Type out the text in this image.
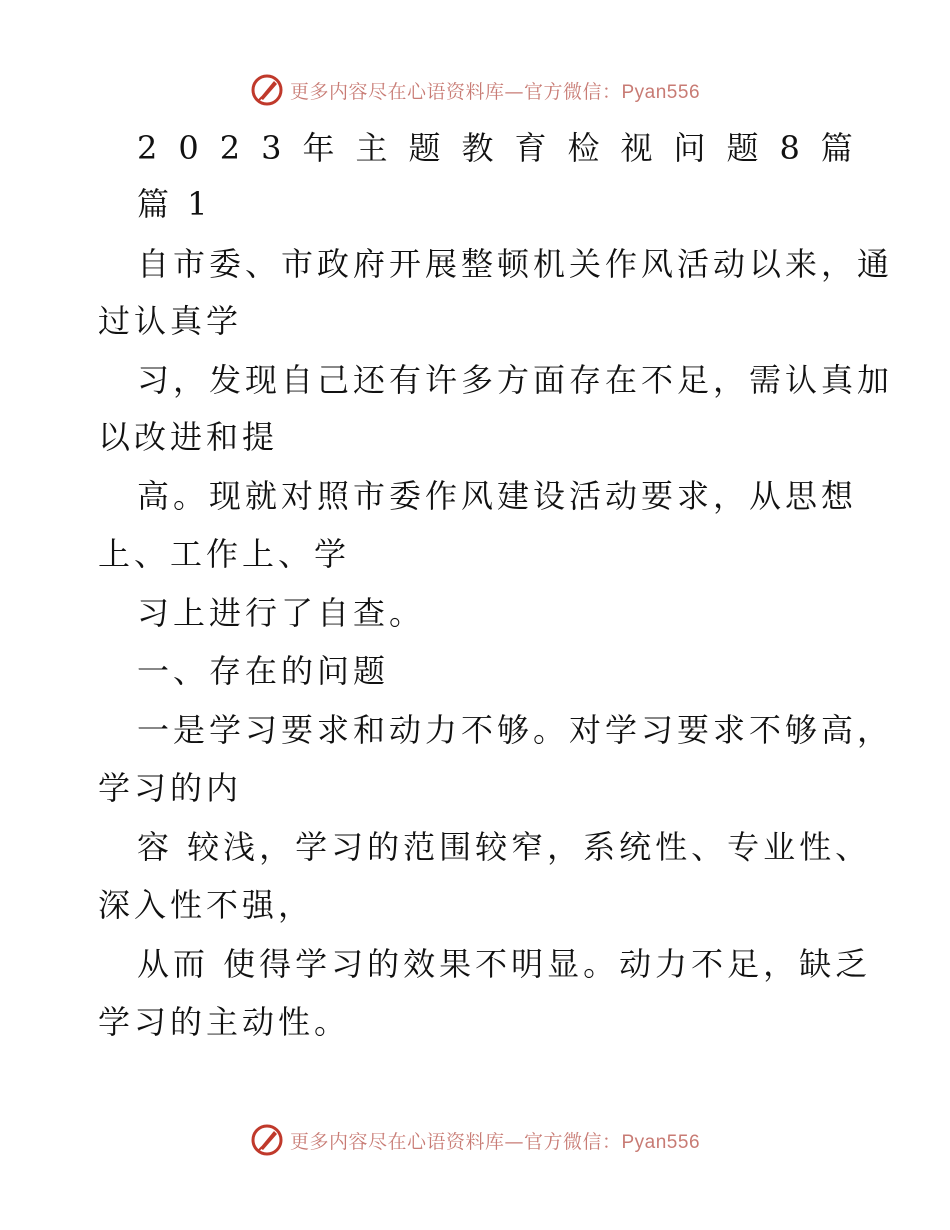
更多内容尽在心语资料库—官方微信：Pyan556
2023年主题教育检视问题8篇
篇 1
自市委、市政府开展整顿机关作风活动以来，通
过认真学
习，发现自己还有许多方面存在不足，需认真加
以改进和提
高。现就对照市委作风建设活动要求，从思想
上、工作上、学
习上进行了自查。
一、存在的问题
一是学习要求和动力不够。对学习要求不够高，
学习的内
容 较浅，学习的范围较窄，系统性、专业性、
深入性不强，
从而 使得学习的效果不明显。动力不足，缺乏
学习的主动性。
更多内容尽在心语资料库—官方微信：Pyan556
